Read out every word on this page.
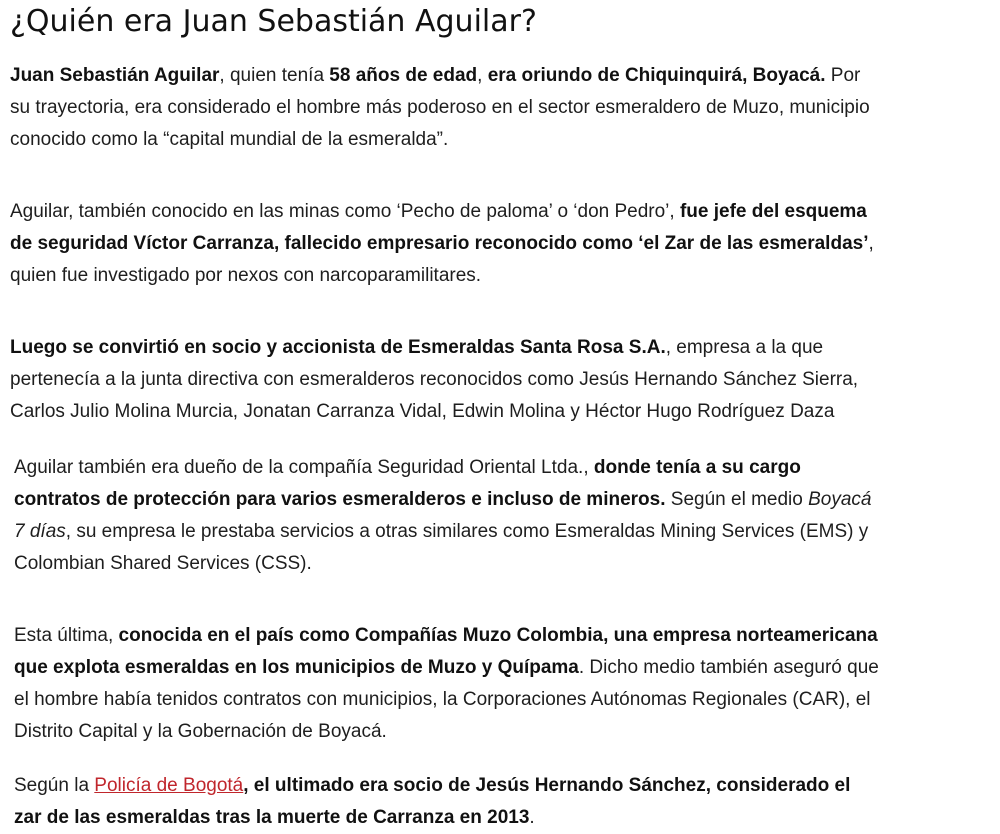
¿Quién era Juan Sebastián Aguilar?

Juan Sebastián Aguilar, quien tenía 58 años de edad, era oriundo de Chiquinquirá, Boyacá. Por
su trayectoria, era considerado el hombre más poderoso en el sector esmeraldero de Muzo, municipio
conocido como la “capital mundial de la esmeralda”.

Aguilar, también conocido en las minas como ‘Pecho de paloma’ o ‘don Pedro’, fue jefe del esquema
de seguridad Víctor Carranza, fallecido empresario reconocido como ‘el Zar de las esmeraldas’,
quien fue investigado por nexos con narcoparamilitares.

Luego se convirtió en socio y accionista de Esmeraldas Santa Rosa S.A., empresa a la que
pertenecía a la junta directiva con esmeralderos reconocidos como Jesús Hernando Sánchez Sierra,
Carlos Julio Molina Murcia, Jonatan Carranza Vidal, Edwin Molina y Héctor Hugo Rodríguez Daza

Aguilar también era dueño de la compañía Seguridad Oriental Ltda., donde tenía a su cargo
contratos de protección para varios esmeralderos e incluso de mineros. Según el medio Boyacá
7 días, su empresa le prestaba servicios a otras similares como Esmeraldas Mining Services (EMS) y
Colombian Shared Services (CSS).

Esta última, conocida en el país como Compañías Muzo Colombia, una empresa norteamericana
que explota esmeraldas en los municipios de Muzo y Quípama. Dicho medio también aseguró que
el hombre había tenidos contratos con municipios, la Corporaciones Autónomas Regionales (CAR), el
Distrito Capital y la Gobernación de Boyacá.

Según la Policía de Bogotá, el ultimado era socio de Jesús Hernando Sánchez, considerado el
zar de las esmeraldas tras la muerte de Carranza en 2013.
